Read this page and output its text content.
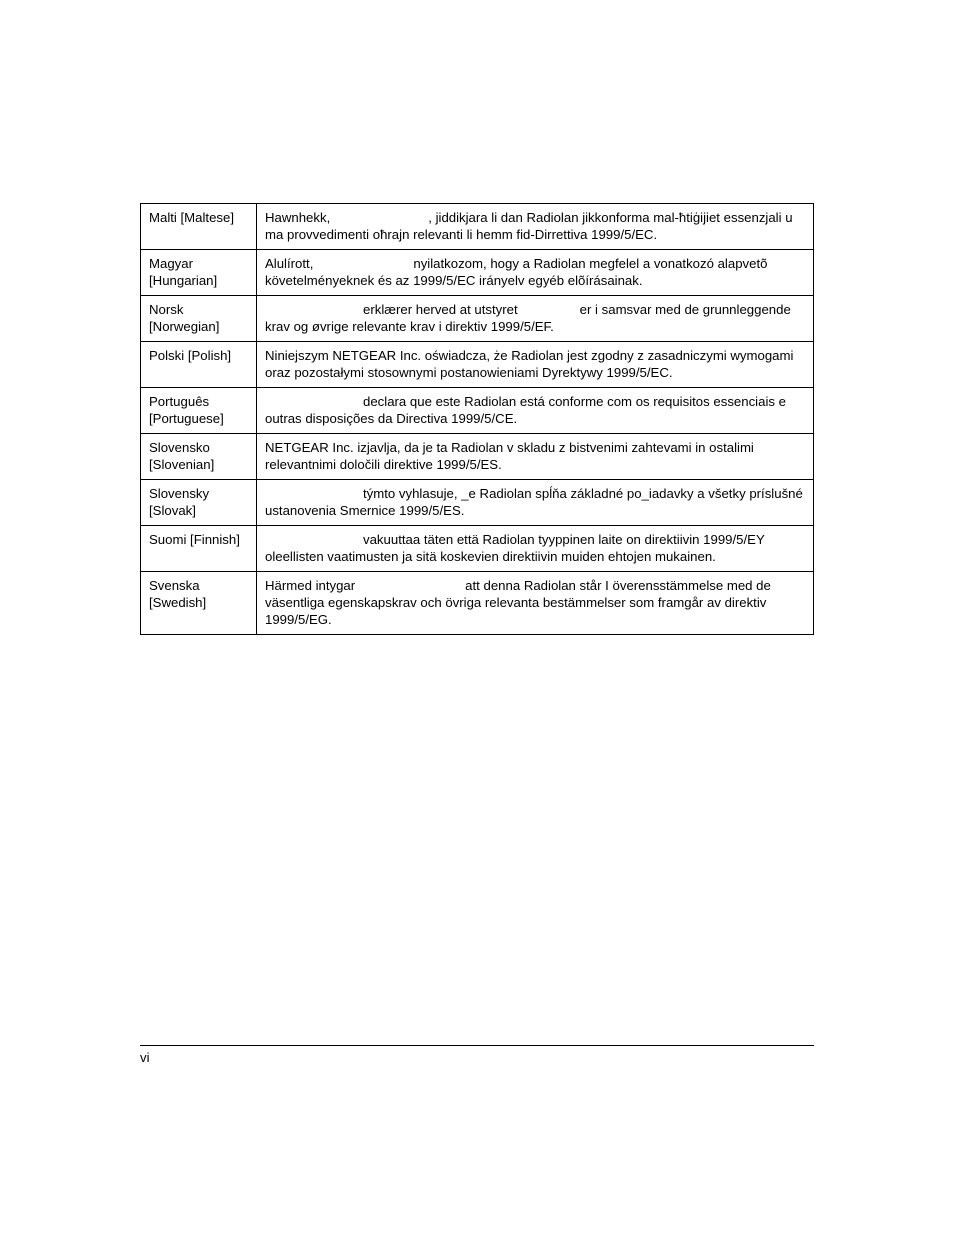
Malti [Maltese]	Hawnhekk, , jiddikjara li dan Radiolan jikkonforma mal-ħtiġijiet essenzjali u ma provvedimenti oħrajn relevanti li hemm fid-Dirrettiva 1999/5/EC.
Magyar [Hungarian]	Alulírott, nyilatkozom, hogy a Radiolan megfelel a vonatkozó alapvetõ követelményeknek és az 1999/5/EC irányelv egyéb elõírásainak.
Norsk [Norwegian]	erklærer herved at utstyret er i samsvar med de grunnleggende krav og øvrige relevante krav i direktiv 1999/5/EF.
Polski [Polish]	Niniejszym NETGEAR Inc. oświadcza, że Radiolan jest zgodny z zasadniczymi wymogami oraz pozostałymi stosownymi postanowieniami Dyrektywy 1999/5/EC.
Português [Portuguese]	declara que este Radiolan está conforme com os requisitos essenciais e outras disposições da Directiva 1999/5/CE.
Slovensko [Slovenian]	NETGEAR Inc. izjavlja, da je ta Radiolan v skladu z bistvenimi zahtevami in ostalimi relevantnimi določili direktive 1999/5/ES.
Slovensky [Slovak]	týmto vyhlasuje, _e Radiolan spĺňa základné po_iadavky a všetky príslušné ustanovenia Smernice 1999/5/ES.
Suomi [Finnish]	vakuuttaa täten että Radiolan tyyppinen laite on direktiivin 1999/5/EY oleellisten vaatimusten ja sitä koskevien direktiivin muiden ehtojen mukainen.
Svenska [Swedish]	Härmed intygar att denna Radiolan står I överensstämmelse med de väsentliga egenskapskrav och övriga relevanta bestämmelser som framgår av direktiv 1999/5/EG.
vi
